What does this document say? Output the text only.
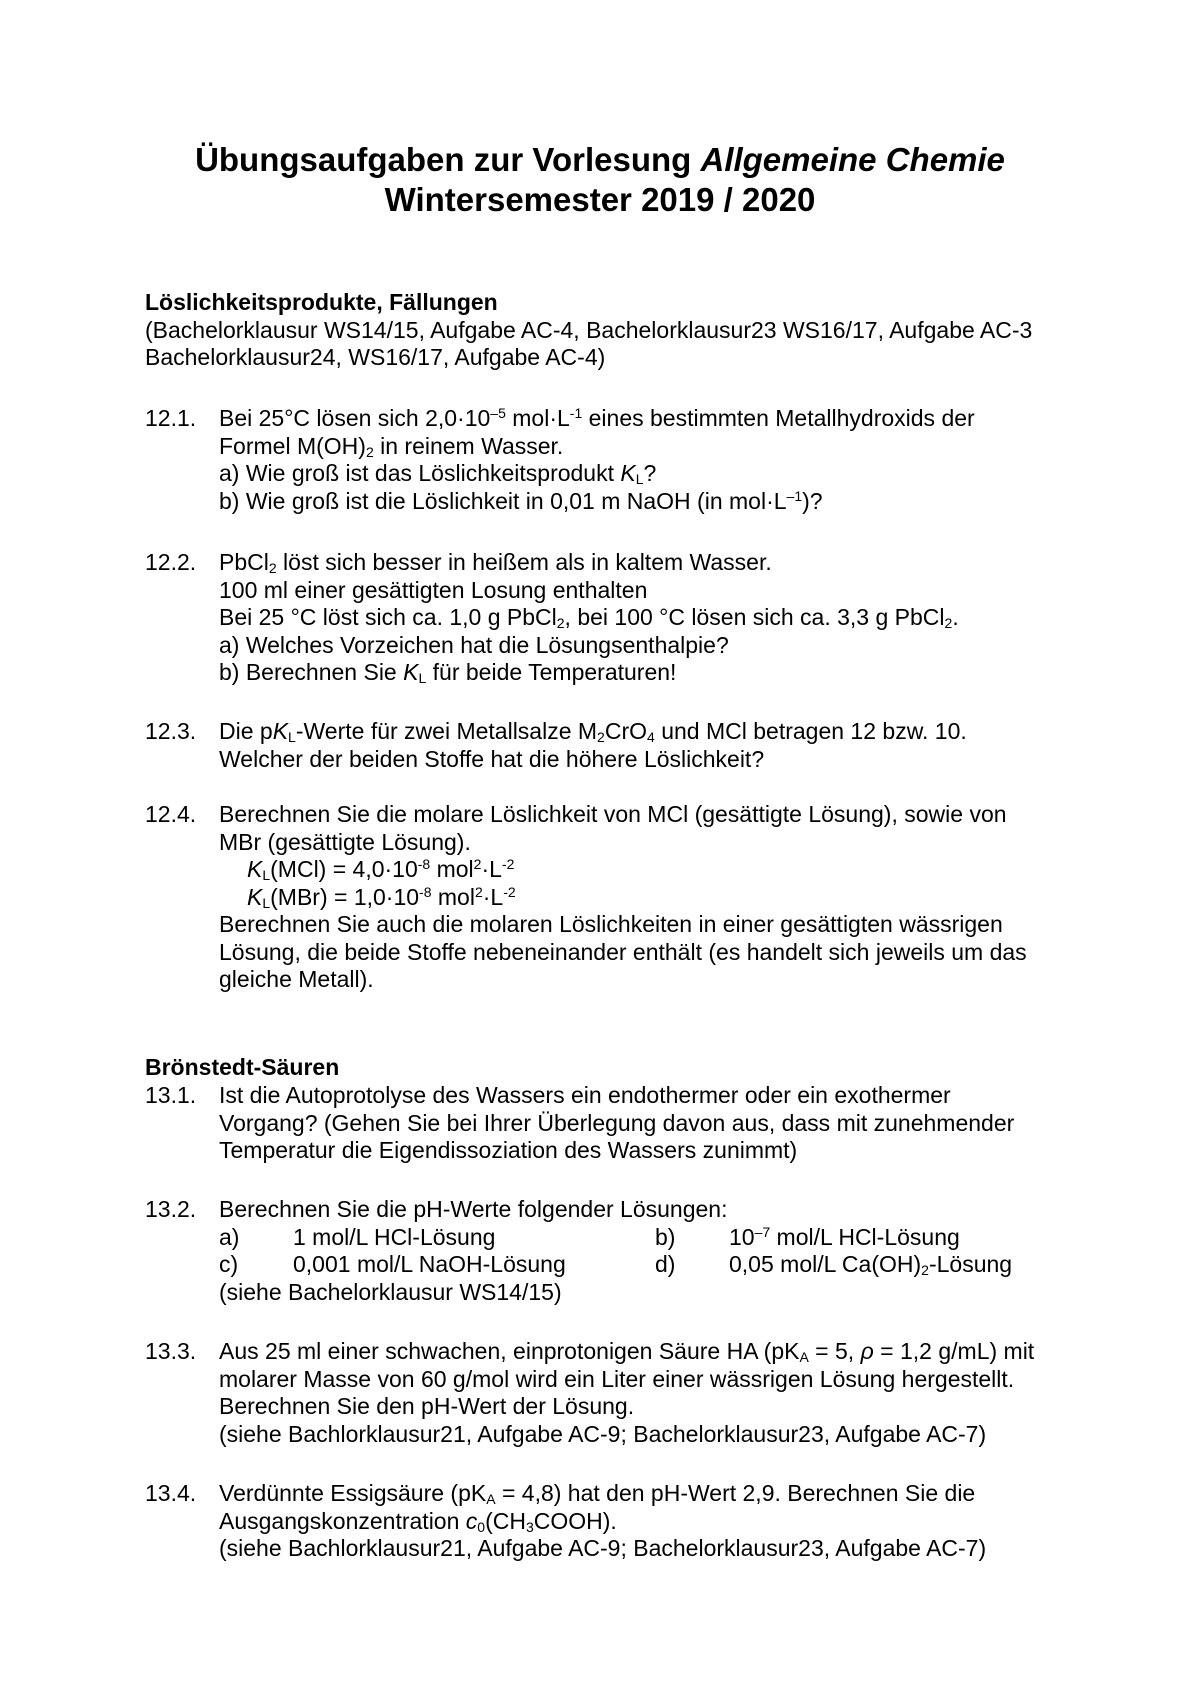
Übungsaufgaben zur Vorlesung Allgemeine Chemie
Wintersemester 2019 / 2020
Löslichkeitsprodukte, Fällungen
(Bachelorklausur WS14/15, Aufgabe AC-4, Bachelorklausur23 WS16/17, Aufgabe AC-3
Bachelorklausur24, WS16/17, Aufgabe AC-4)
12.1. Bei 25°C lösen sich $2,0\cdot 10^{-5}$ $mol\cdot L^{-1}$ eines bestimmten Metallhydroxids der
Formel $M(OH)_2$ in reinem Wasser.
a) Wie groß ist das Löslichkeitsprodukt $K_L$?
b) Wie groß ist die Löslichkeit in 0,01 m NaOH (in $mol\cdot L^{-1}$)?
12.2. PbCl$_2$ löst sich besser in heißem als in kaltem Wasser.
100 ml einer gesättigten Losung enthalten
Bei 25 °C löst sich ca. 1,0 g PbCl$_2$, bei 100 °C lösen sich ca. 3,3 g PbCl$_2$.
a) Welches Vorzeichen hat die Lösungsenthalpie?
b) Berechnen Sie $K_L$ für beide Temperaturen!
12.3. Die $pK_L$-Werte für zwei Metallsalze $M_2CrO_4$ und MCl betragen 12 bzw. 10.
Welcher der beiden Stoffe hat die höhere Löslichkeit?
12.4. Berechnen Sie die molare Löslichkeit von MCl (gesättigte Lösung), sowie von
MBr (gesättigte Lösung).
$K_L(MCl) = 4,0\cdot 10^{-8}$ $mol^2\cdot L^{-2}$
$K_L(MBr) = 1,0\cdot 10^{-8}$ $mol^2\cdot L^{-2}$
Berechnen Sie auch die molaren Löslichkeiten in einer gesättigten wässrigen
Lösung, die beide Stoffe nebeneinander enthält (es handelt sich jeweils um das
gleiche Metall).
Brönstedt-Säuren
13.1. Ist die Autoprotolyse des Wassers ein endothermer oder ein exothermer
Vorgang? (Gehen Sie bei Ihrer Überlegung davon aus, dass mit zunehmender
Temperatur die Eigendissoziation des Wassers zunimmt)
13.2. Berechnen Sie die pH-Werte folgender Lösungen:
a)	1 mol/L HCl-Lösung	b)	$10^{-7}$ mol/L HCl-Lösung
c)	0,001 mol/L NaOH-Lösung	d)	0,05 mol/L $Ca(OH)_2$-Lösung
(siehe Bachelorklausur WS14/15)
13.3. Aus 25 ml einer schwachen, einprotonigen Säure HA ($pK_A = 5$, ρ = 1,2 g/mL) mit
molarer Masse von 60 g/mol wird ein Liter einer wässrigen Lösung hergestellt.
Berechnen Sie den pH-Wert der Lösung.
(siehe Bachlorklausur21, Aufgabe AC-9; Bachelorklausur23, Aufgabe AC-7)
13.4. Verdünnte Essigsäure $(pK_A = 4,8)$ hat den pH-Wert 2,9. Berechnen Sie die
Ausgangskonzentration $c_0(CH_3COOH)$.
(siehe Bachlorklausur21, Aufgabe AC-9; Bachelorklausur23, Aufgabe AC-7)
